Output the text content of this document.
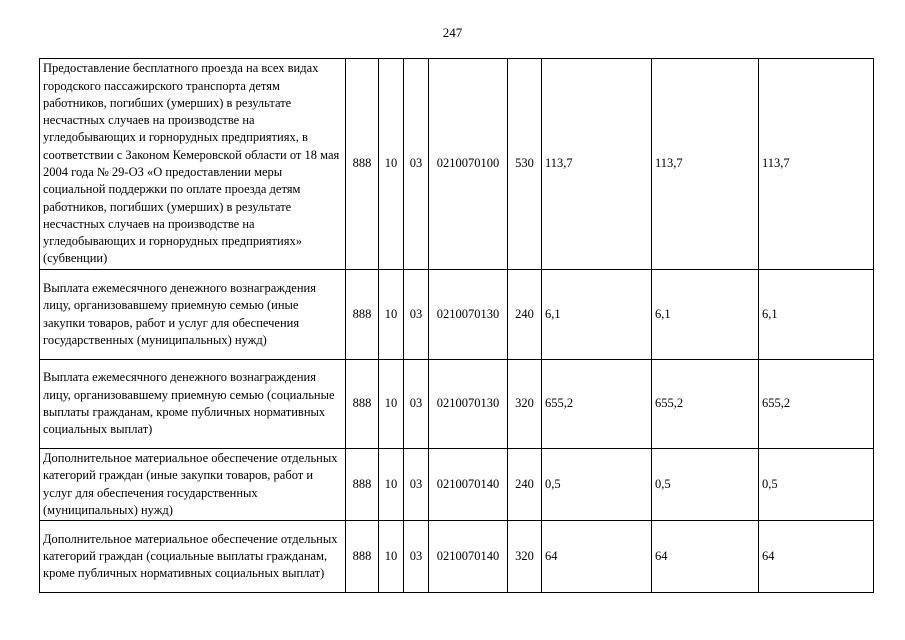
247
Предоставление бесплатного проезда на всех видах городского пассажирского транспорта детям работников, погибших (умерших) в результате несчастных случаев на производстве на угледобывающих и горнорудных предприятиях, в соответствии с Законом Кемеровской области от 18 мая 2004 года № 29-ОЗ «О предоставлении меры социальной поддержки по оплате проезда детям работников, погибших (умерших) в результате несчастных случаев на производстве на угледобывающих и горнорудных предприятиях» (субвенции)	888	10	03	0210070100	530	113,7	113,7	113,7
Выплата ежемесячного денежного вознаграждения лицу, организовавшему приемную семью (иные закупки товаров, работ и услуг для обеспечения государственных (муниципальных) нужд)	888	10	03	0210070130	240	6,1	6,1	6,1
Выплата ежемесячного денежного вознаграждения лицу, организовавшему приемную семью (социальные выплаты гражданам, кроме публичных нормативных социальных выплат)	888	10	03	0210070130	320	655,2	655,2	655,2
Дополнительное материальное обеспечение отдельных категорий граждан (иные закупки товаров, работ и услуг для обеспечения государственных (муниципальных) нужд)	888	10	03	0210070140	240	0,5	0,5	0,5
Дополнительное материальное обеспечение отдельных категорий граждан (социальные выплаты гражданам, кроме публичных нормативных социальных выплат)	888	10	03	0210070140	320	64	64	64
